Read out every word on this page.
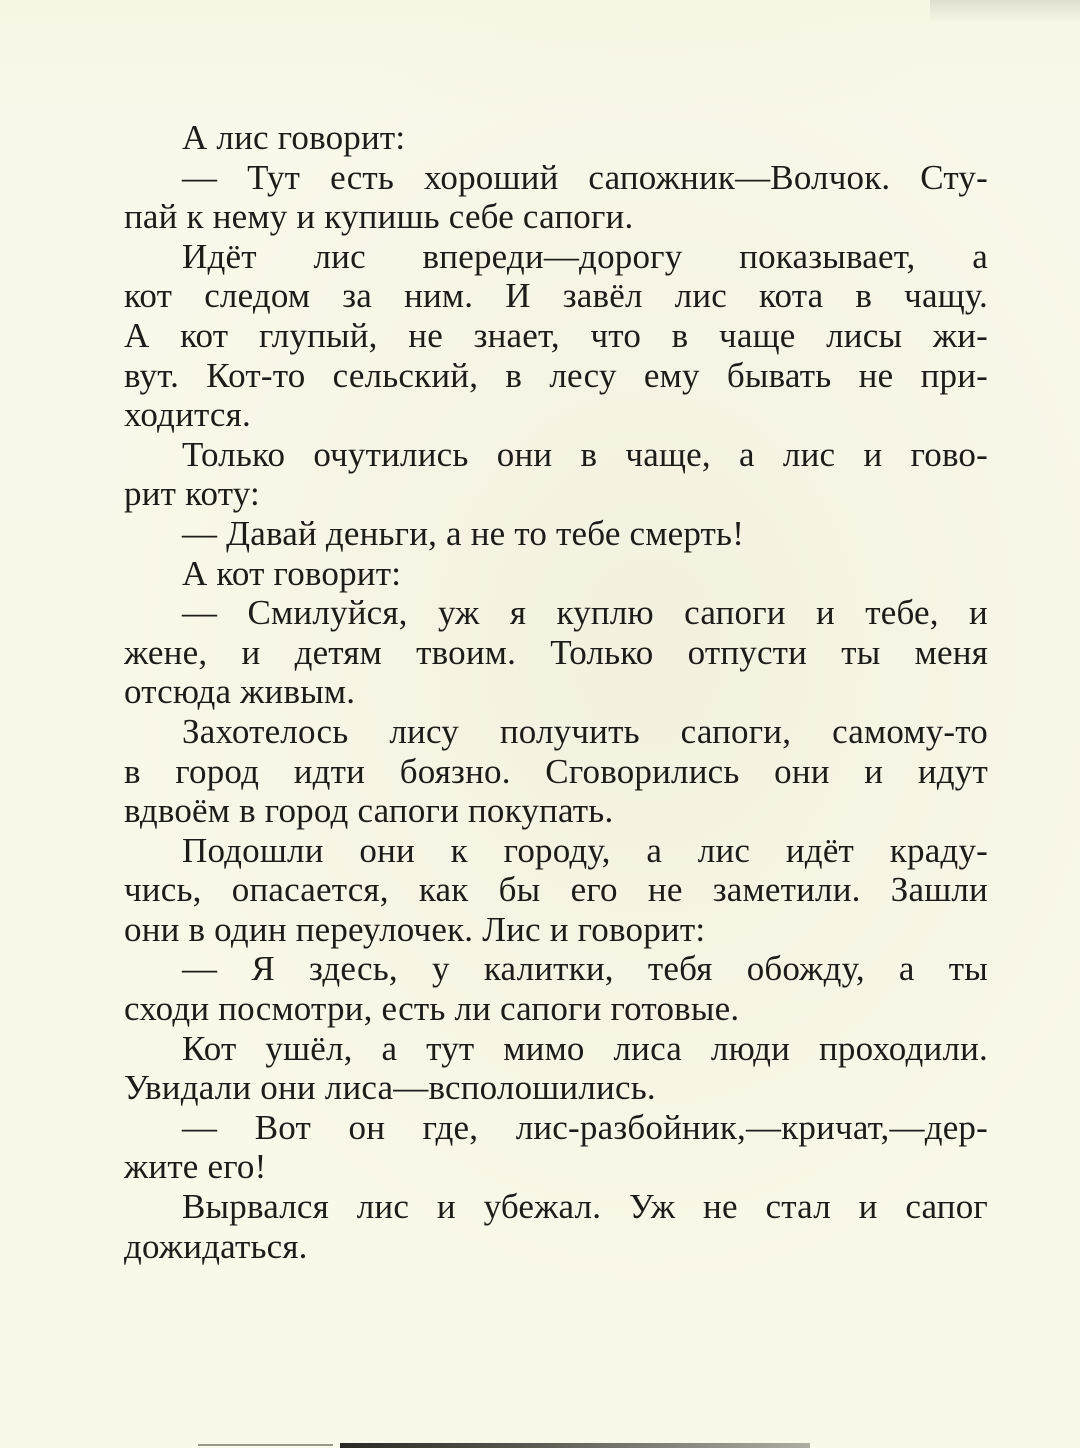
А лис говорит:
— Тут есть хороший сапожник—Волчок. Сту-
пай к нему и купишь себе сапоги.
Идёт лис впереди—дорогу показывает, а
кот следом за ним. И завёл лис кота в чащу.
А кот глупый, не знает, что в чаще лисы жи-
вут. Кот-то сельский, в лесу ему бывать не при-
ходится.
Только очутились они в чаще, а лис и гово-
рит коту:
— Давай деньги, а не то тебе смерть!
А кот говорит:
— Смилуйся, уж я куплю сапоги и тебе, и
жене, и детям твоим. Только отпусти ты меня
отсюда живым.
Захотелось лису получить сапоги, самому-то
в город идти боязно. Сговорились они и идут
вдвоём в город сапоги покупать.
Подошли они к городу, а лис идёт краду-
чись, опасается, как бы его не заметили. Зашли
они в один переулочек. Лис и говорит:
— Я здесь, у калитки, тебя обожду, а ты
сходи посмотри, есть ли сапоги готовые.
Кот ушёл, а тут мимо лиса люди проходили.
Увидали они лиса—всполошились.
— Вот он где, лис-разбойник,—кричат,—дер-
жите его!
Вырвался лис и убежал. Уж не стал и сапог
дожидаться.
